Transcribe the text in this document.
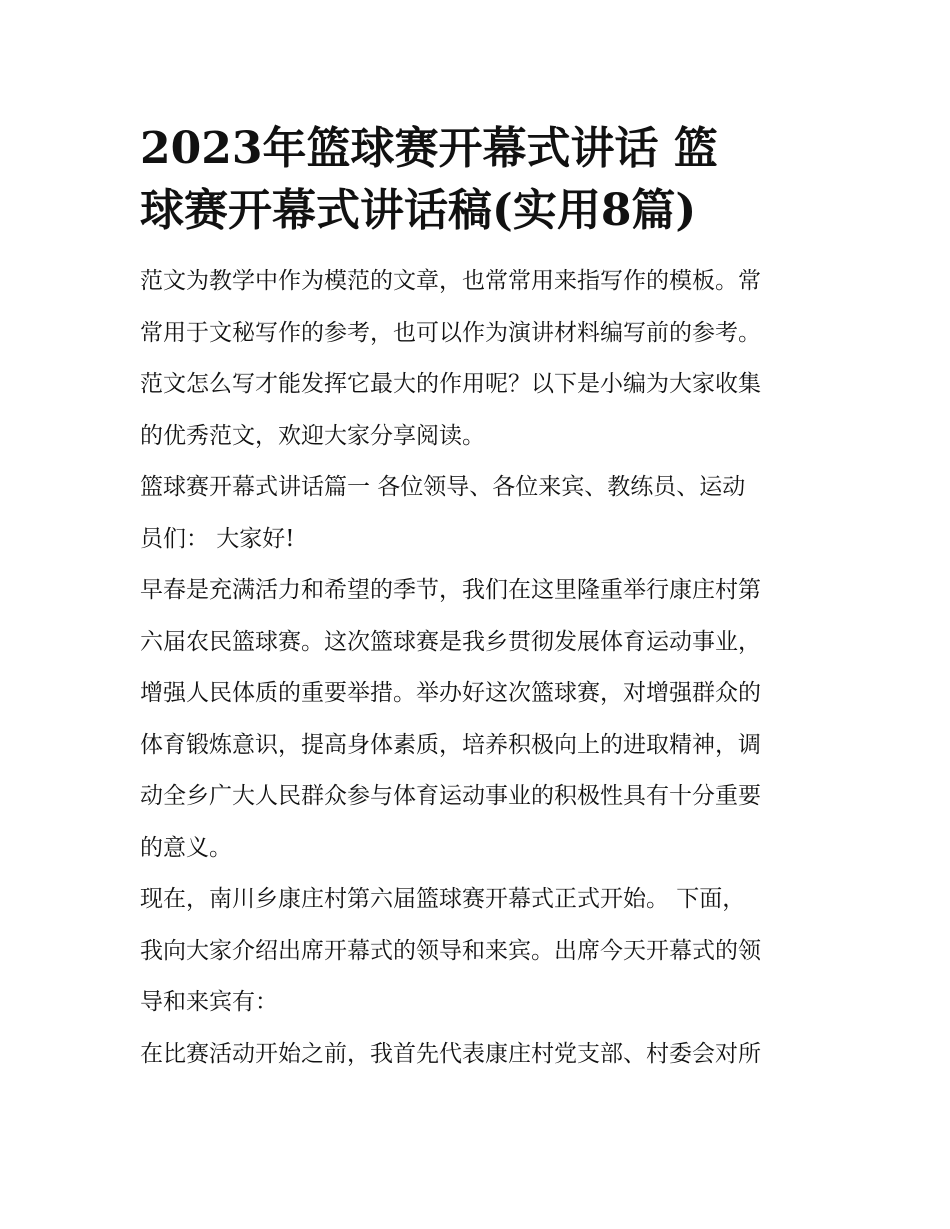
2023年篮球赛开幕式讲话 篮
球赛开幕式讲话稿(实用8篇)

范文为教学中作为模范的文章，也常常用来指写作的模板。常
常用于文秘写作的参考，也可以作为演讲材料编写前的参考。
范文怎么写才能发挥它最大的作用呢？以下是小编为大家收集
的优秀范文，欢迎大家分享阅读。

篮球赛开幕式讲话篇一 各位领导、各位来宾、教练员、运动
员们： 大家好!

早春是充满活力和希望的季节，我们在这里隆重举行康庄村第
六届农民篮球赛。这次篮球赛是我乡贯彻发展体育运动事业，
增强人民体质的重要举措。举办好这次篮球赛，对增强群众的
体育锻炼意识，提高身体素质，培养积极向上的进取精神，调
动全乡广大人民群众参与体育运动事业的积极性具有十分重要
的意义。

现在，南川乡康庄村第六届篮球赛开幕式正式开始。 下面，
我向大家介绍出席开幕式的领导和来宾。出席今天开幕式的领
导和来宾有：

在比赛活动开始之前，我首先代表康庄村党支部、村委会对所
